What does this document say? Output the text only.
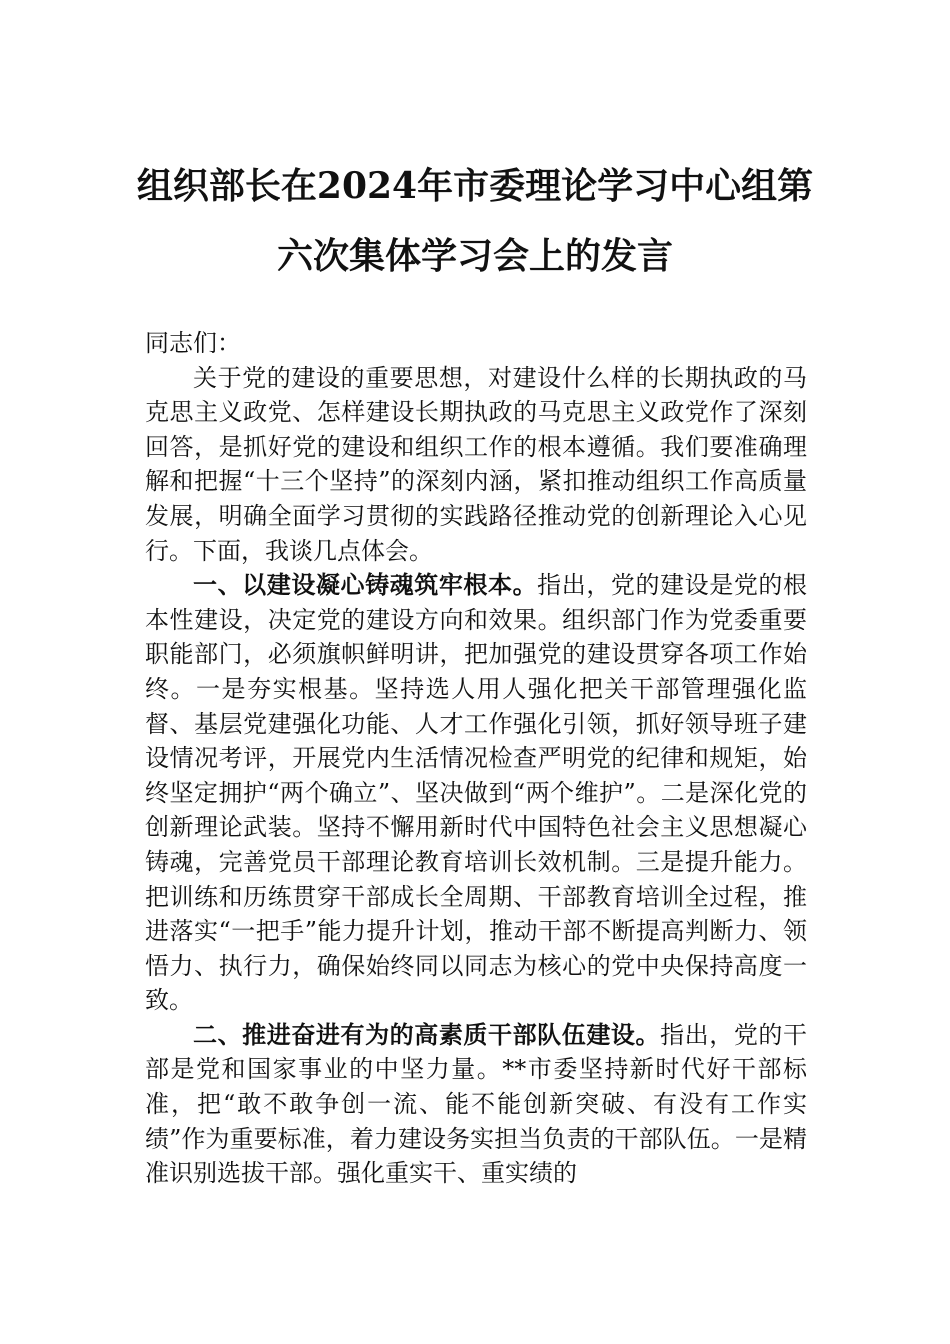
组织部长在2024年市委理论学习中心组第
六次集体学习会上的发言

同志们：

关于党的建设的重要思想，对建设什么样的长期执政的马克思主义政党、怎样建设长期执政的马克思主义政党作了深刻回答，是抓好党的建设和组织工作的根本遵循。我们要准确理解和把握“十三个坚持”的深刻内涵，紧扣推动组织工作高质量发展，明确全面学习贯彻的实践路径推动党的创新理论入心见行。下面，我谈几点体会。

一、以建设凝心铸魂筑牢根本。指出，党的建设是党的根本性建设，决定党的建设方向和效果。组织部门作为党委重要职能部门，必须旗帜鲜明讲，把加强党的建设贯穿各项工作始终。一是夯实根基。坚持选人用人强化把关干部管理强化监督、基层党建强化功能、人才工作强化引领，抓好领导班子建设情况考评，开展党内生活情况检查严明党的纪律和规矩，始终坚定拥护“两个确立”、坚决做到“两个维护”。二是深化党的创新理论武装。坚持不懈用新时代中国特色社会主义思想凝心铸魂，完善党员干部理论教育培训长效机制。三是提升能力。把训练和历练贯穿干部成长全周期、干部教育培训全过程，推进落实“一把手”能力提升计划，推动干部不断提高判断力、领悟力、执行力，确保始终同以同志为核心的党中央保持高度一致。

二、推进奋进有为的高素质干部队伍建设。指出，党的干部是党和国家事业的中坚力量。**市委坚持新时代好干部标准，把“敢不敢争创一流、能不能创新突破、有没有工作实绩”作为重要标准，着力建设务实担当负责的干部队伍。一是精准识别选拔干部。强化重实干、重实绩的
